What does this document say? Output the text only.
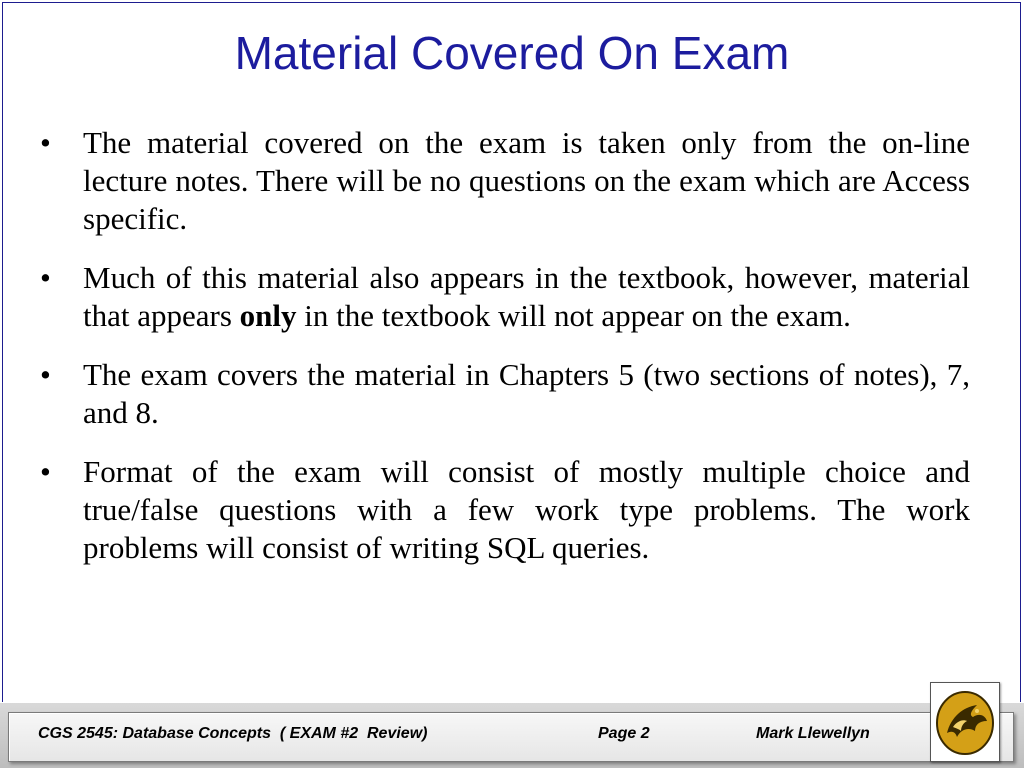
Material Covered On Exam
•	The material covered on the exam is taken only from the on-line lecture notes. There will be no questions on the exam which are Access specific.
•	Much of this material also appears in the textbook, however, material that appears only in the textbook will not appear on the exam.
•	The exam covers the material in Chapters 5 (two sections of notes), 7, and 8.
•	Format of the exam will consist of mostly multiple choice and true/false questions with a few work type problems. The work problems will consist of writing SQL queries.
CGS 2545: Database Concepts  ( EXAM #2  Review)	Page 2	Mark Llewellyn
